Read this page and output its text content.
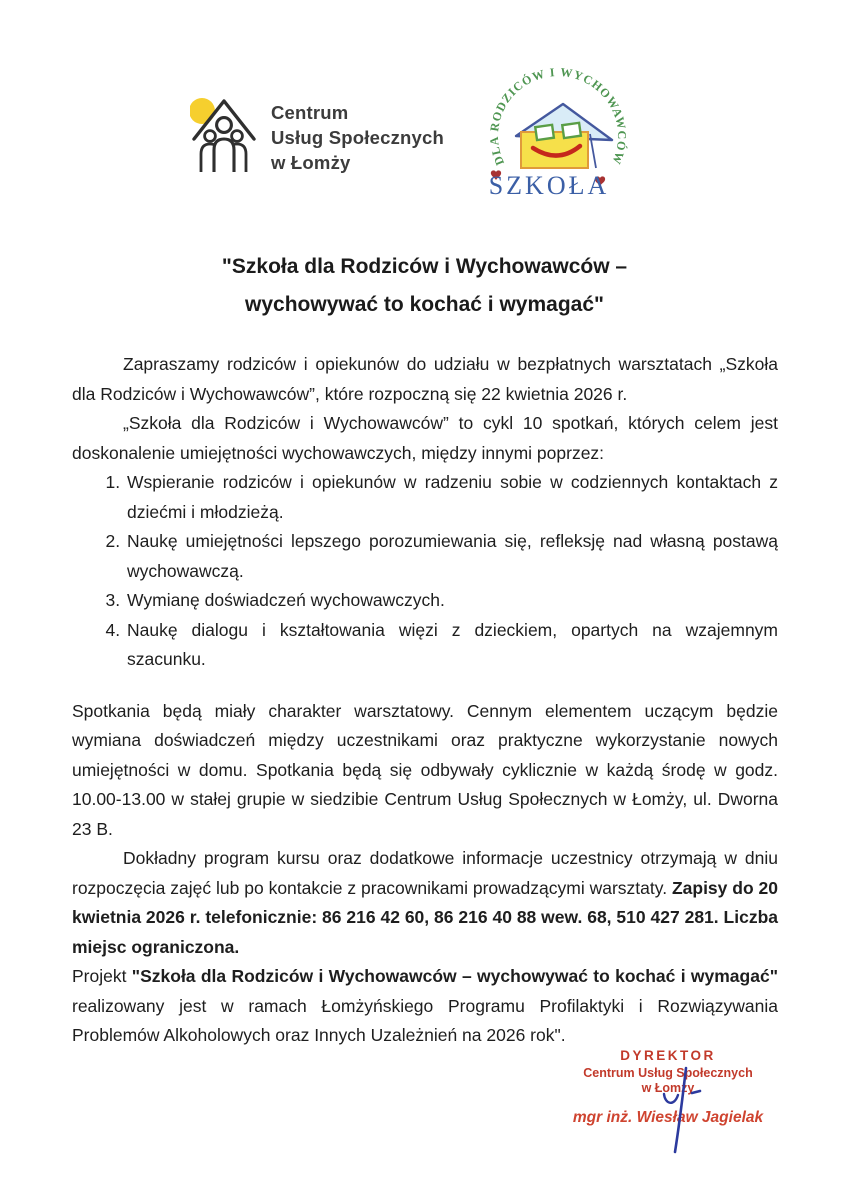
Centrum
Usług Społecznych
w Łomży	DLA RODZICÓW I WYCHOWAWCÓW
SZKOŁA
"Szkoła dla Rodziców i Wychowawców –
wychowywać to kochać i wymagać"

Zapraszamy rodziców i opiekunów do udziału w bezpłatnych warsztatach „Szkoła dla Rodziców i Wychowawców”, które rozpoczną się 22 kwietnia 2026 r.

„Szkoła dla Rodziców i Wychowawców” to cykl 10 spotkań, których celem jest doskonalenie umiejętności wychowawczych, między innymi poprzez:

1. Wspieranie rodziców i opiekunów w radzeniu sobie w codziennych kontaktach z dziećmi i młodzieżą.
2. Naukę umiejętności lepszego porozumiewania się, refleksję nad własną postawą wychowawczą.
3. Wymianę doświadczeń wychowawczych.
4. Naukę dialogu i kształtowania więzi z dzieckiem, opartych na wzajemnym szacunku.

Spotkania będą miały charakter warsztatowy. Cennym elementem uczącym będzie wymiana doświadczeń między uczestnikami oraz praktyczne wykorzystanie nowych umiejętności w domu. Spotkania będą się odbywały cyklicznie w każdą środę w godz. 10.00-13.00 w stałej grupie w siedzibie Centrum Usług Społecznych w Łomży, ul. Dworna 23 B.

Dokładny program kursu oraz dodatkowe informacje uczestnicy otrzymają w dniu rozpoczęcia zajęć lub po kontakcie z pracownikami prowadzącymi warsztaty. Zapisy do 20 kwietnia 2026 r. telefonicznie: 86 216 42 60, 86 216 40 88 wew. 68, 510 427 281. Liczba miejsc ograniczona.

Projekt "Szkoła dla Rodziców i Wychowawców – wychowywać to kochać i wymagać" realizowany jest w ramach Łomżyńskiego Programu Profilaktyki i Rozwiązywania Problemów Alkoholowych oraz Innych Uzależnień na 2026 rok".

DYREKTOR
Centrum Usług Społecznych
w Łomży
mgr inż. Wiesław Jagielak
